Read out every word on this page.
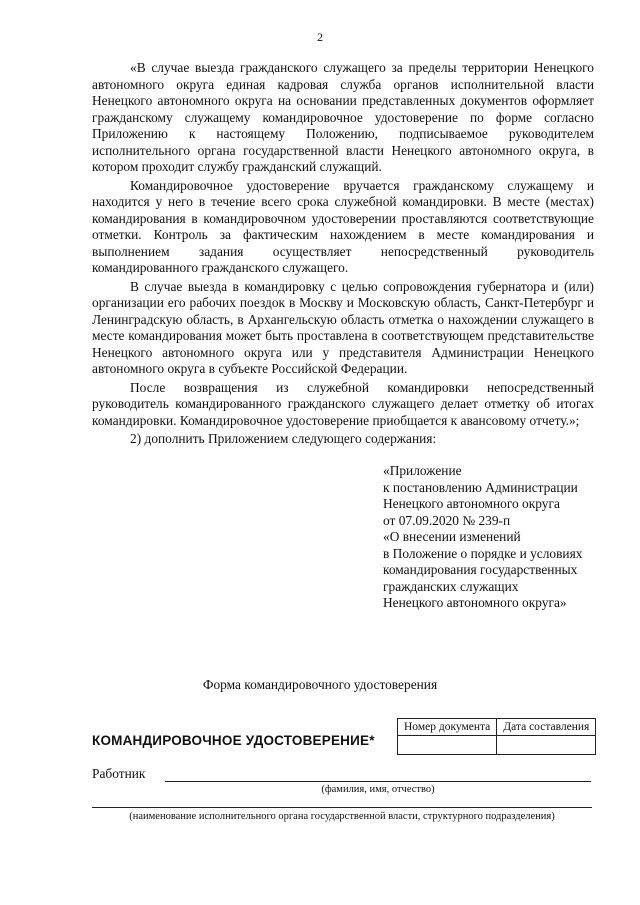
2

«В случае выезда гражданского служащего за пределы территории Ненецкого автономного округа единая кадровая служба органов исполнительной власти Ненецкого автономного округа на основании представленных документов оформляет гражданскому служащему командировочное удостоверение по форме согласно Приложению к настоящему Положению, подписываемое руководителем исполнительного органа государственной власти Ненецкого автономного округа, в котором проходит службу гражданский служащий.

Командировочное удостоверение вручается гражданскому служащему и находится у него в течение всего срока служебной командировки. В месте (местах) командирования в командировочном удостоверении проставляются соответствующие отметки. Контроль за фактическим нахождением в месте командирования и выполнением задания осуществляет непосредственный руководитель командированного гражданского служащего.

В случае выезда в командировку с целью сопровождения губернатора и (или) организации его рабочих поездок в Москву и Московскую область, Санкт-Петербург и Ленинградскую область, в Архангельскую область отметка о нахождении служащего в месте командирования может быть проставлена в соответствующем представительстве Ненецкого автономного округа или у представителя Администрации Ненецкого автономного округа в субъекте Российской Федерации.

После возвращения из служебной командировки непосредственный руководитель командированного гражданского служащего делает отметку об итогах командировки. Командировочное удостоверение приобщается к авансовому отчету.»;

2) дополнить Приложением следующего содержания:

«Приложение
к постановлению Администрации
Ненецкого автономного округа
от 07.09.2020 № 239-п
«О внесении изменений
в Положение о порядке и условиях
командирования государственных
гражданских служащих
Ненецкого автономного округа»
Форма командировочного удостоверения
КОМАНДИРОВОЧНОЕ УДОСТОВЕРЕНИЕ*
Номер документа	Дата составления

Работник
(фамилия, имя, отчество)
(наименование исполнительного органа государственной власти, структурного подразделения)
